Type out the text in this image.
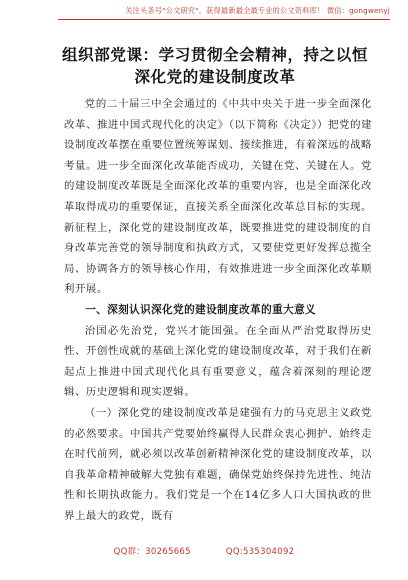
关注头条号"公文研究"，获得最新最全最专业的公文资料库！ 微信：gongwenyj
组织部党课：学习贯彻全会精神，持之以恒深化党的建设制度改革

党的二十届三中全会通过的《中共中央关于进一步全面深化改革、推进中国式现代化的决定》（以下简称《决定》）把党的建设制度改革摆在重要位置统筹谋划、接续推进，有着深远的战略考量。进一步全面深化改革能否成功，关键在党、关键在人。党的建设制度改革既是全面深化改革的重要内容，也是全面深化改革取得成功的重要保证，直接关系全面深化改革总目标的实现。新征程上，深化党的建设制度改革，既要推进党的建设制度的自身改革完善党的领导制度和执政方式，又要使党更好发挥总揽全局、协调各方的领导核心作用，有效推进进一步全面深化改革顺利开展。

一、深刻认识深化党的建设制度改革的重大意义

治国必先治党，党兴才能国强。在全面从严治党取得历史性、开创性成就的基础上深化党的建设制度改革，对于我们在新起点上推进中国式现代化具有重要意义，蕴含着深刻的理论逻辑、历史逻辑和现实逻辑。

（一）深化党的建设制度改革是建强有力的马克思主义政党的必然要求。中国共产党要始终赢得人民群众衷心拥护、始终走在时代前列，就必须以改革创新精神深化党的建设制度改革，以自我革命精神破解大党独有难题，确保党始终保持先进性、纯洁性和长期执政能力。我们党是一个在14亿多人口大国执政的世界上最大的政党，既有

QQ群：30265665	QQ:535304092
